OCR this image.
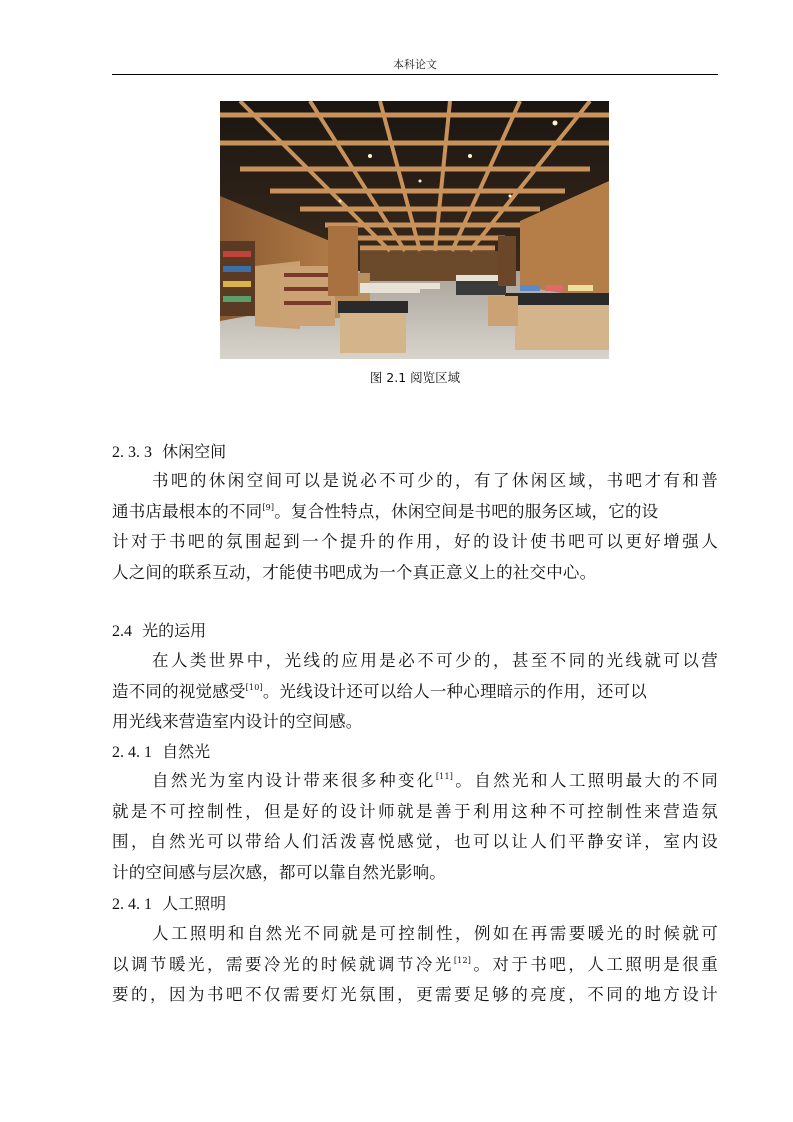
本科论文
图 2.1 阅览区域
2. 3. 3 休闲空间
书吧的休闲空间可以是说必不可少的，有了休闲区域，书吧才有和普
通书店最根本的不同[9]。复合性特点，休闲空间是书吧的服务区域，它的设
计对于书吧的氛围起到一个提升的作用，好的设计使书吧可以更好增强人
人之间的联系互动，才能使书吧成为一个真正意义上的社交中心。
2.4 光的运用
在人类世界中，光线的应用是必不可少的，甚至不同的光线就可以营
造不同的视觉感受[10]。光线设计还可以给人一种心理暗示的作用，还可以
用光线来营造室内设计的空间感。
2. 4. 1 自然光
自然光为室内设计带来很多种变化[11]。自然光和人工照明最大的不同
就是不可控制性，但是好的设计师就是善于利用这种不可控制性来营造氛
围，自然光可以带给人们活泼喜悦感觉，也可以让人们平静安详，室内设
计的空间感与层次感，都可以靠自然光影响。
2. 4. 1 人工照明
人工照明和自然光不同就是可控制性，例如在再需要暖光的时候就可
以调节暖光，需要冷光的时候就调节冷光[12]。对于书吧，人工照明是很重
要的，因为书吧不仅需要灯光氛围，更需要足够的亮度，不同的地方设计
